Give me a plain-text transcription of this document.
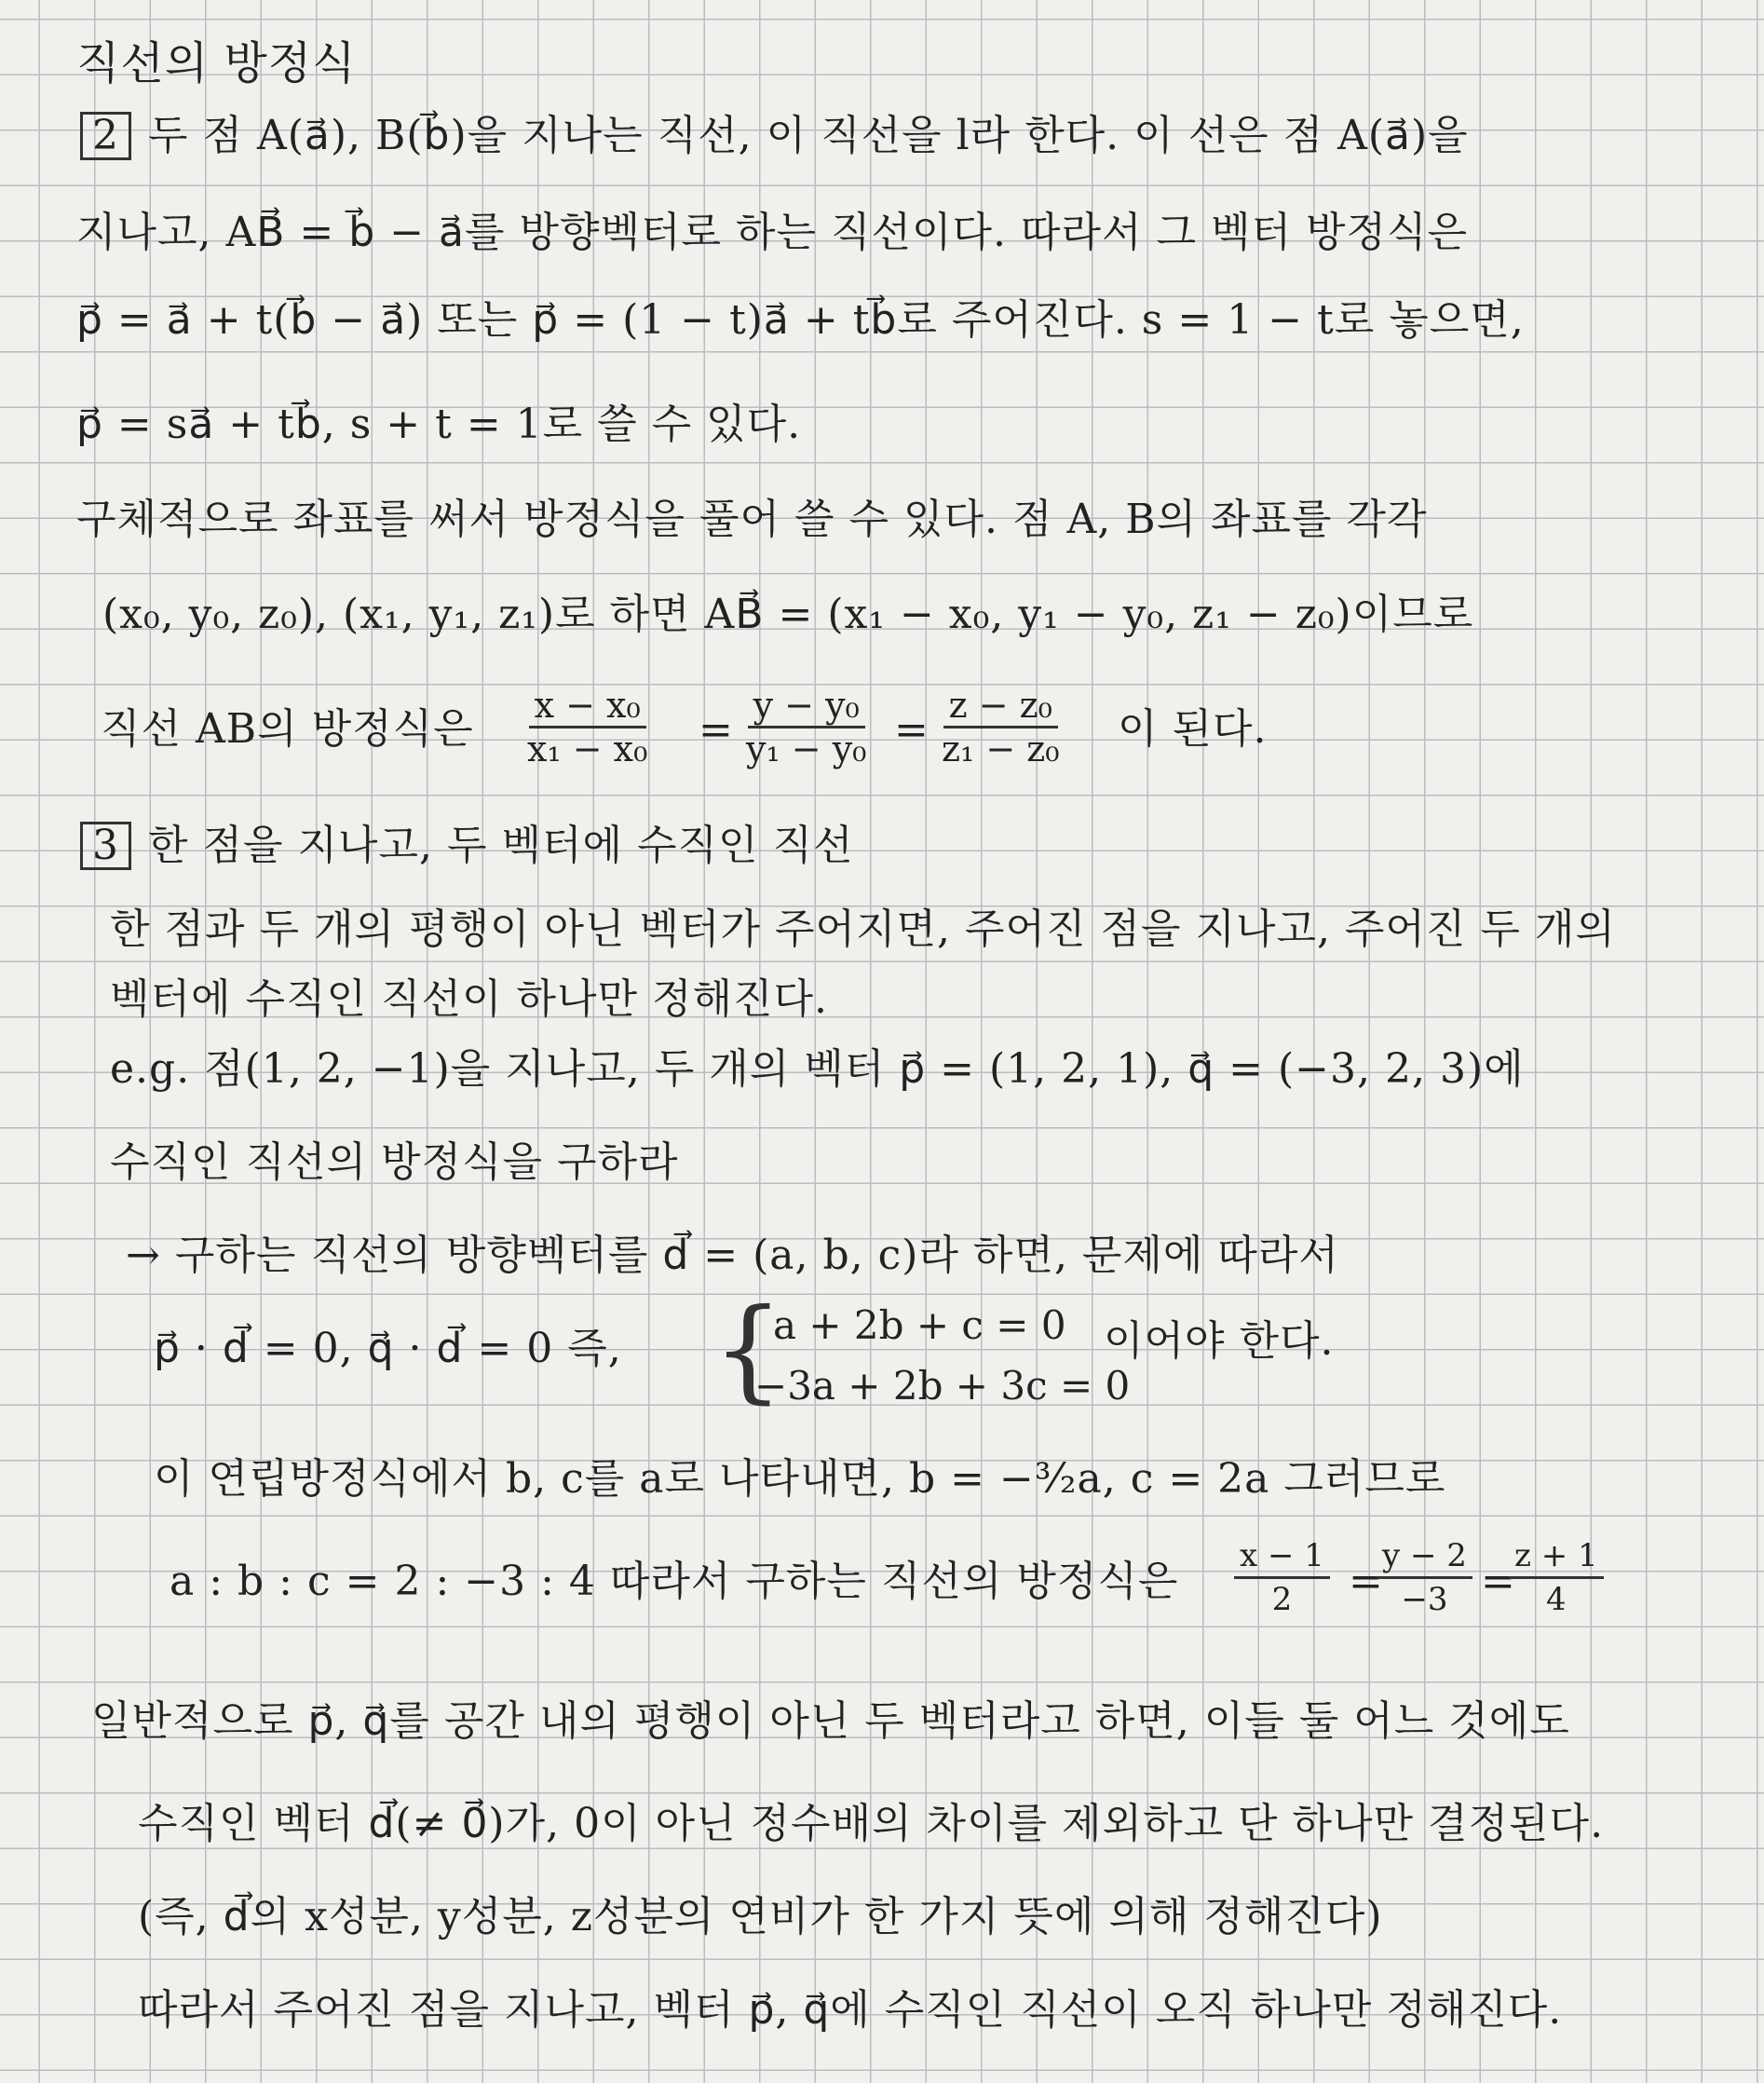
직선의 방정식
2 두 점 A(a⃗), B(b⃗)을 지나는 직선, 이 직선을 l라 한다. 이 선은 점 A(a⃗)을
지나고, AB⃗ = b⃗ − a⃗를 방향벡터로 하는 직선이다. 따라서 그 벡터 방정식은
p⃗ = a⃗ + t(b⃗ − a⃗) 또는 p⃗ = (1 − t)a⃗ + tb⃗로 주어진다. s = 1 − t로 놓으면,
p⃗ = sa⃗ + tb⃗, s + t = 1로 쓸 수 있다.
구체적으로 좌표를 써서 방정식을 풀어 쓸 수 있다. 점 A, B의 좌표를 각각
(x₀, y₀, z₀), (x₁, y₁, z₁)로 하면 AB⃗ = (x₁ − x₀, y₁ − y₀, z₁ − z₀)이므로
직선 AB의 방정식은 $\frac{\text{x − x₀}}{\text{x₁ − x₀}} = \frac{\text{y − y₀}}{\text{y₁ − y₀}} = \frac{\text{z − z₀}}{\text{z₁ − z₀}}$ 이 된다.
3 한 점을 지나고, 두 벡터에 수직인 직선
한 점과 두 개의 평행이 아닌 벡터가 주어지면, 주어진 점을 지나고, 주어진 두 개의
벡터에 수직인 직선이 하나만 정해진다.
e.g. 점(1, 2, −1)을 지나고, 두 개의 벡터 p⃗ = (1, 2, 1), q⃗ = (−3, 2, 3)에
수직인 직선의 방정식을 구하라
→ 구하는 직선의 방향벡터를 d⃗ = (a, b, c)라 하면, 문제에 따라서
p⃗ · d⃗ = 0, q⃗ · d⃗ = 0 즉, {
a + 2b + c = 0
−3a + 2b + 3c = 0
이어야 한다.
이 연립방정식에서 b, c를 a로 나타내면, b = −³⁄₂a, c = 2a 그러므로
a : b : c = 2 : −3 : 4 따라서 구하는 직선의 방정식은 $\frac{x - 1}{2}$ =
$\frac{y - 2}{-3}$ =
$\frac{z + 1}{4}$
일반적으로 p⃗, q⃗를 공간 내의 평행이 아닌 두 벡터라고 하면, 이들 둘 어느 것에도
수직인 벡터 d⃗(≠ 0⃗)가, 0이 아닌 정수배의 차이를 제외하고 단 하나만 결정된다.
(즉, d⃗의 x성분, y성분, z성분의 연비가 한 가지 뜻에 의해 정해진다)
따라서 주어진 점을 지나고, 벡터 p⃗, q⃗에 수직인 직선이 오직 하나만 정해진다.
